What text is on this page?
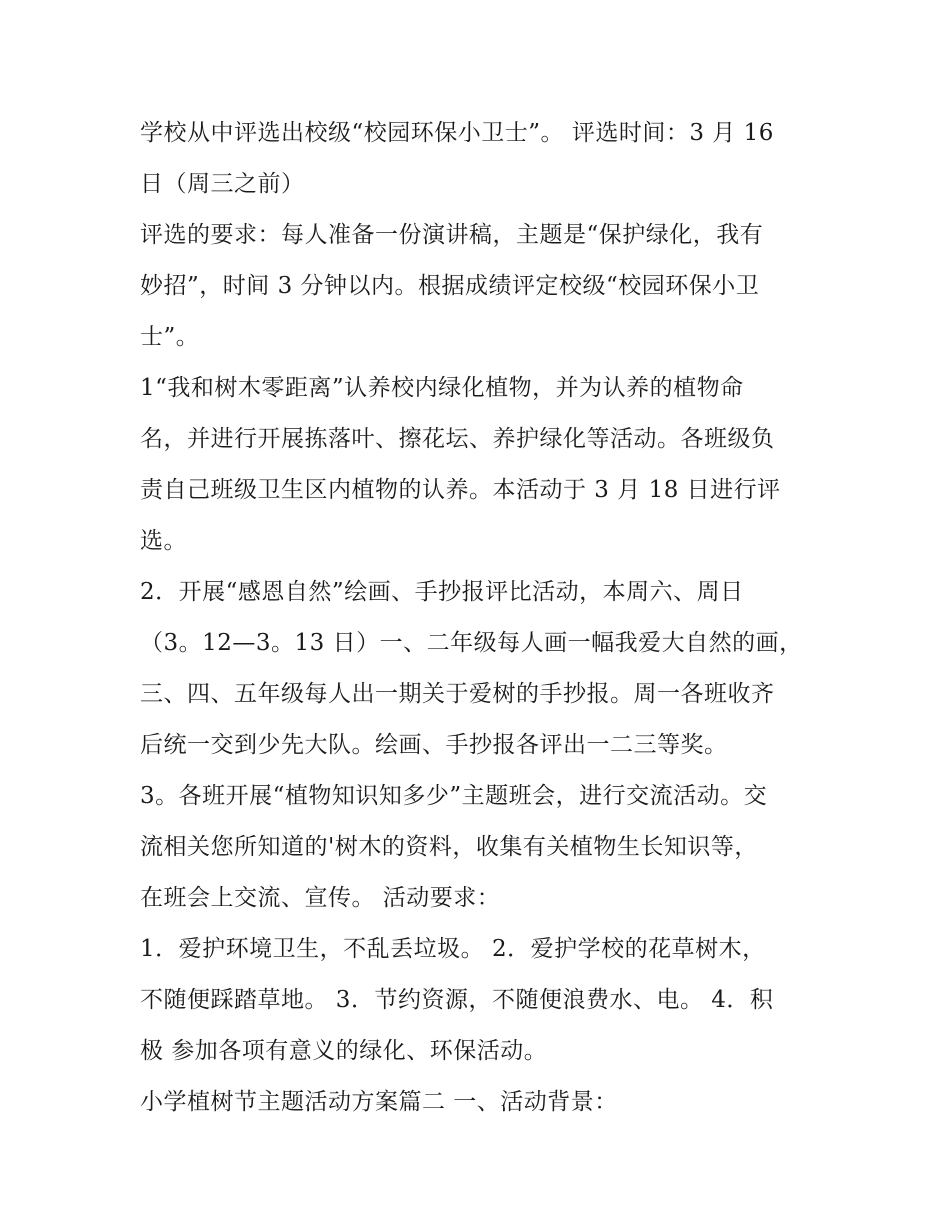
学校从中评选出校级“校园环保小卫士”。 评选时间：3 月 16
日（周三之前）
评选的要求：每人准备一份演讲稿，主题是“保护绿化，我有
妙招”，时间 3 分钟以内。根据成绩评定校级“校园环保小卫
士”。
1“我和树木零距离”认养校内绿化植物，并为认养的植物命
名，并进行开展拣落叶、擦花坛、养护绿化等活动。各班级负
责自己班级卫生区内植物的认养。本活动于 3 月 18 日进行评
选。
2．开展“感恩自然”绘画、手抄报评比活动，本周六、周日
（3。12—3。13 日）一、二年级每人画一幅我爱大自然的画，
三、四、五年级每人出一期关于爱树的手抄报。周一各班收齐
后统一交到少先大队。绘画、手抄报各评出一二三等奖。
3。各班开展“植物知识知多少”主题班会，进行交流活动。交
流相关您所知道的'树木的资料，收集有关植物生长知识等，
在班会上交流、宣传。 活动要求：
1．爱护环境卫生，不乱丢垃圾。 2．爱护学校的花草树木，
不随便踩踏草地。 3．节约资源，不随便浪费水、电。 4．积
极 参加各项有意义的绿化、环保活动。
小学植树节主题活动方案篇二 一、活动背景：
